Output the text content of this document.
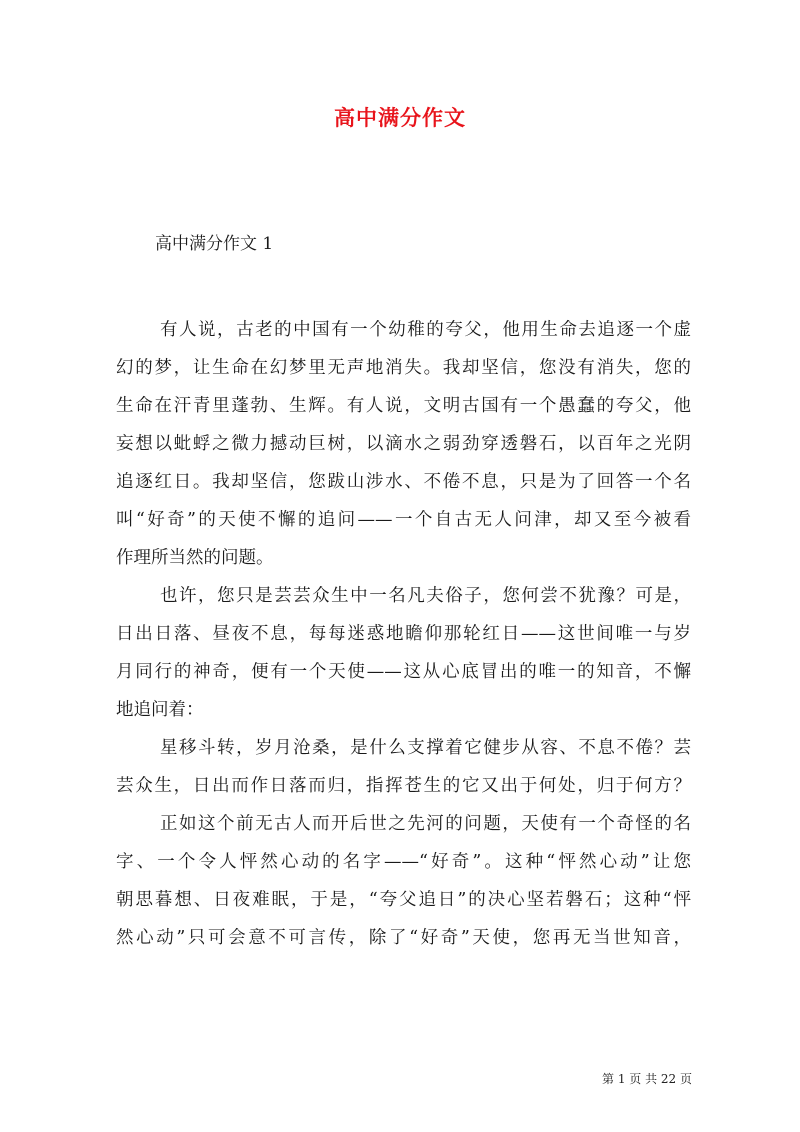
高中满分作文
高中满分作文 1
有人说，古老的中国有一个幼稚的夸父，他用生命去追逐一个虚
幻的梦，让生命在幻梦里无声地消失。我却坚信，您没有消失，您的
生命在汗青里蓬勃、生辉。有人说，文明古国有一个愚蠢的夸父，他
妄想以蚍蜉之微力撼动巨树，以滴水之弱劲穿透磐石，以百年之光阴
追逐红日。我却坚信，您跋山涉水、不倦不息，只是为了回答一个名
叫“好奇”的天使不懈的追问——一个自古无人问津，却又至今被看
作理所当然的问题。
也许，您只是芸芸众生中一名凡夫俗子，您何尝不犹豫？可是，
日出日落、昼夜不息，每每迷惑地瞻仰那轮红日——这世间唯一与岁
月同行的神奇，便有一个天使——这从心底冒出的唯一的知音，不懈
地追问着：
星移斗转，岁月沧桑，是什么支撑着它健步从容、不息不倦？芸
芸众生，日出而作日落而归，指挥苍生的它又出于何处，归于何方？
正如这个前无古人而开后世之先河的问题，天使有一个奇怪的名
字、一个令人怦然心动的名字——“好奇”。这种“怦然心动”让您
朝思暮想、日夜难眠，于是，“夸父追日”的决心坚若磐石；这种“怦
然心动”只可会意不可言传，除了“好奇”天使，您再无当世知音，
第 1 页 共 22 页
